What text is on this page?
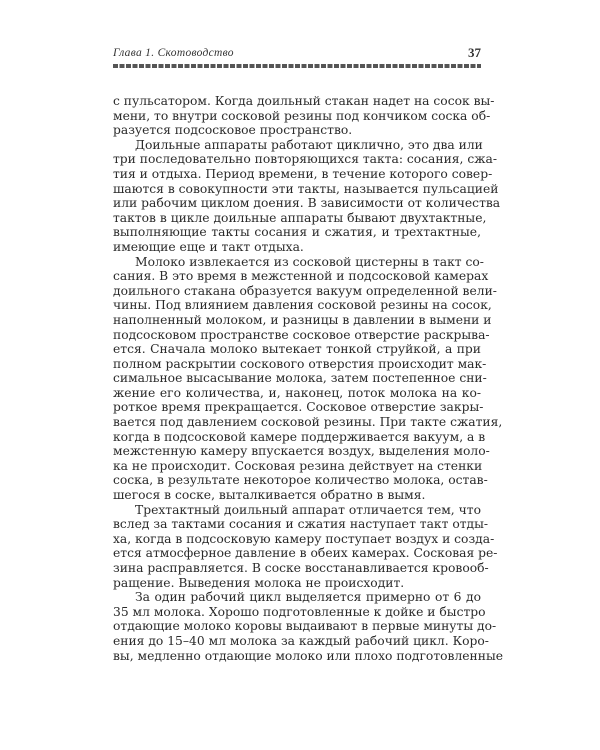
Глава 1. Скотоводство	37
с пульсатором. Когда доильный стакан надет на сосок вы-
мени, то внутри сосковой резины под кончиком соска об-
разуется подсосковое пространство.
Доильные аппараты работают циклично, это два или
три последовательно повторяющихся такта: сосания, сжа-
тия и отдыха. Период времени, в течение которого совер-
шаются в совокупности эти такты, называется пульсацией
или рабочим циклом доения. В зависимости от количества
тактов в цикле доильные аппараты бывают двухтактные,
выполняющие такты сосания и сжатия, и трехтактные,
имеющие еще и такт отдыха.
Молоко извлекается из сосковой цистерны в такт со-
сания. В это время в межстенной и подсосковой камерах
доильного стакана образуется вакуум определенной вели-
чины. Под влиянием давления сосковой резины на сосок,
наполненный молоком, и разницы в давлении в вымени и
подсосковом пространстве сосковое отверстие раскрыва-
ется. Сначала молоко вытекает тонкой струйкой, а при
полном раскрытии соскового отверстия происходит мак-
симальное высасывание молока, затем постепенное сни-
жение его количества, и, наконец, поток молока на ко-
роткое время прекращается. Сосковое отверстие закры-
вается под давлением сосковой резины. При такте сжатия,
когда в подсосковой камере поддерживается вакуум, а в
межстенную камеру впускается воздух, выделения моло-
ка не происходит. Сосковая резина действует на стенки
соска, в результате некоторое количество молока, остав-
шегося в соске, выталкивается обратно в вымя.
Трехтактный доильный аппарат отличается тем, что
вслед за тактами сосания и сжатия наступает такт отды-
ха, когда в подсосковую камеру поступает воздух и созда-
ется атмосферное давление в обеих камерах. Сосковая ре-
зина расправляется. В соске восстанавливается кровооб-
ращение. Выведения молока не происходит.
За один рабочий цикл выделяется примерно от 6 до
35 мл молока. Хорошо подготовленные к дойке и быстро
отдающие молоко коровы выдаивают в первые минуты до-
ения до 15–40 мл молока за каждый рабочий цикл. Коро-
вы, медленно отдающие молоко или плохо подготовленные
